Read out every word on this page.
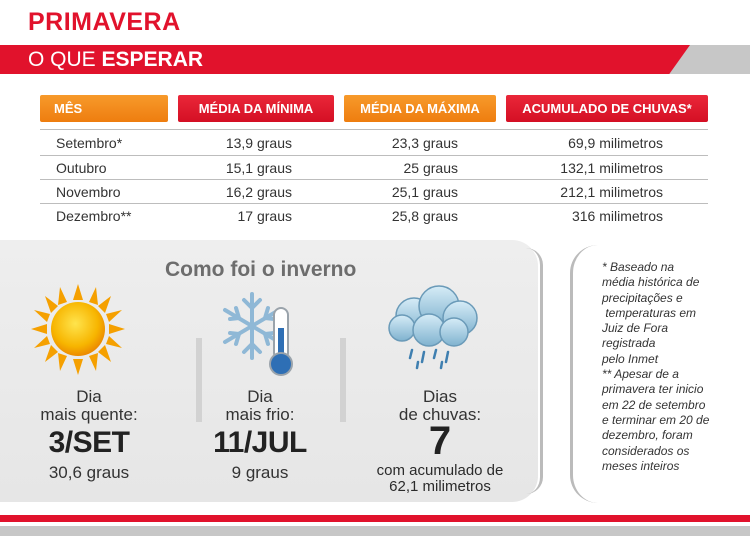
PRIMAVERA
O QUE ESPERAR
MÊS	MÉDIA DA MÍNIMA	MÉDIA DA MÁXIMA	ACUMULADO DE CHUVAS*
Setembro*	13,9 graus	23,3 graus	69,9 milimetros
Outubro	15,1 graus	25 graus	132,1 milimetros
Novembro	16,2 graus	25,1 graus	212,1 milimetros
Dezembro**	17 graus	25,8 graus	316 milimetros
Como foi o inverno
Dia
mais quente:
3/SET
30,6 graus
Dia
mais frio:
11/JUL
9 graus
Dias
de chuvas:
7
com acumulado de
62,1 milimetros
* Baseado na
média histórica de
precipitações e
temperaturas em
Juiz de Fora
registrada
pelo Inmet
** Apesar de a
primavera ter inicio
em 22 de setembro
e terminar em 20 de
dezembro, foram
considerados os
meses inteiros
